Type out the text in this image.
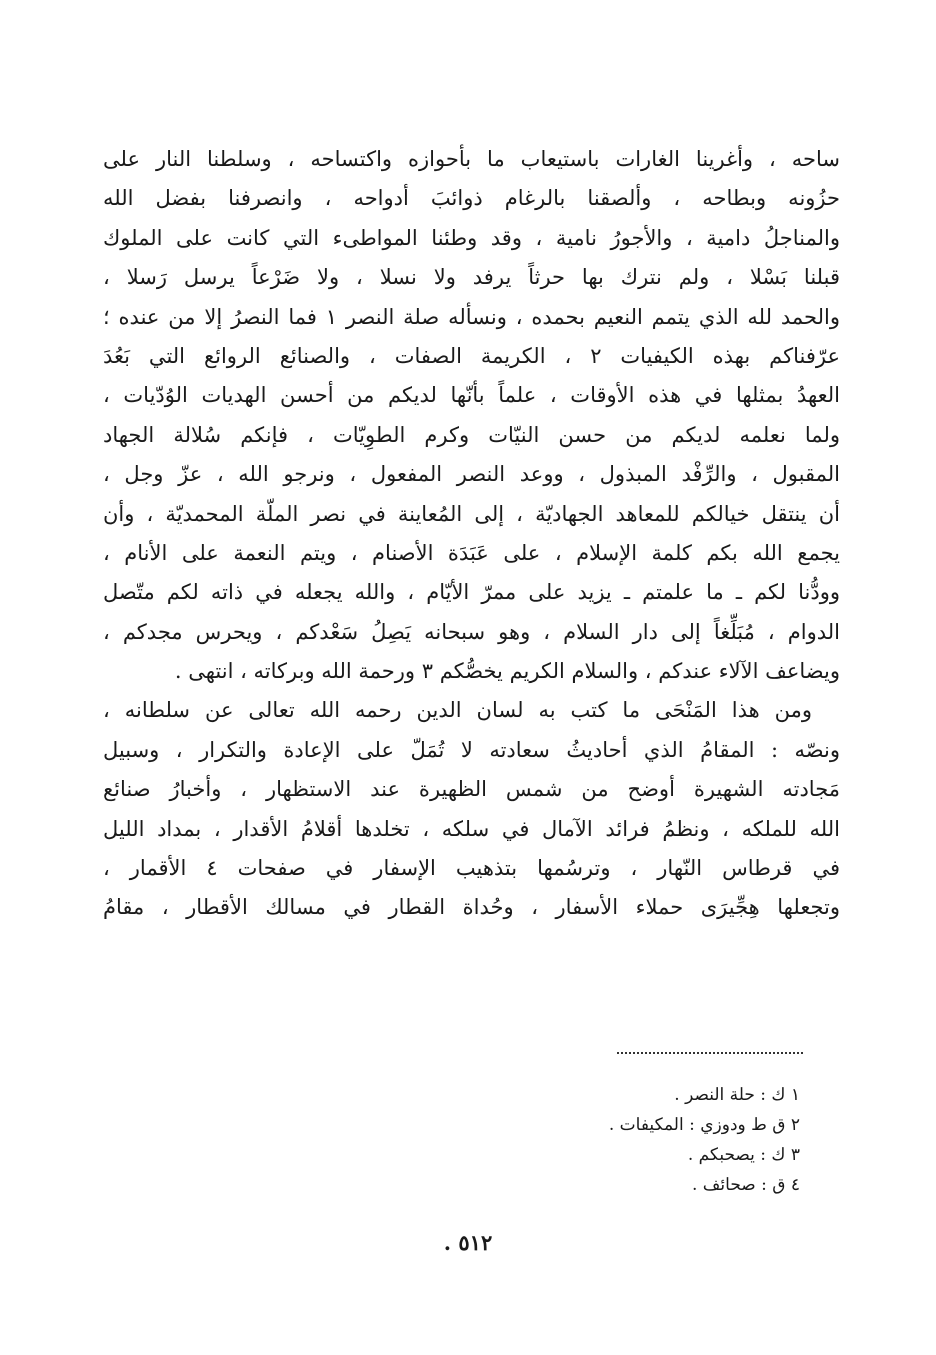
ساحه ، وأغرينا الغارات باستيعاب ما بأحوازه واكتساحه ، وسلطنا النار على
حزُونه وبطاحه ، وألصقنا بالرغام ذوائبَ أدواحه ، وانصرفنا بفضل الله
والمناجلُ دامية ، والأجورُ نامية ، وقد وطئنا المواطىء التي كانت على الملوك
قبلنا بَسْلا ، ولم نترك بها حرثاً يرفد ولا نسلا ، ولا ضَرْعاً يرسل رَسلا ،
والحمد لله الذي يتمم النعيم بحمده ، ونسأله صلة النصر ١ فما النصرُ إلا من عنده ؛
عرّفناكم بهذه الكيفيات ٢ ، الكريمة الصفات ، والصنائع الروائع التي بَعُدَ
العهدُ بمثلها في هذه الأوقات ، علماً بأنّها لديكم من أحسن الهديات الوُدّيات ،
ولما نعلمه لديكم من حسن النيّات وكرم الطوِيّات ، فإنكم سُلالة الجهاد
المقبول ، والرِّفْد المبذول ، ووعد النصر المفعول ، ونرجو الله ، عزّ وجل ،
أن ينتقل خيالكم للمعاهد الجهاديّة ، إلى المُعاينة في نصر الملّة المحمديّة ، وأن
يجمع الله بكم كلمة الإسلام ، على عَبَدَة الأصنام ، ويتم النعمة على الأنام ،
وودُّنا لكم ـ ما علمتم ـ يزيد على ممرّ الأيّام ، والله يجعله في ذاته لكم متّصل
الدوام ، مُبَلِّغاً إلى دار السلام ، وهو سبحانه يَصِلُ سَعْدكم ، ويحرس مجدكم ،
ويضاعف الآلاء عندكم ، والسلام الكريم يخصُّكم ٣ ورحمة الله وبركاته ، انتهى .
ومن هذا المَنْحَى ما كتب به لسان الدين رحمه الله تعالى عن سلطانه ،
ونصّه : المقامُ الذي أحاديثُ سعادته لا تُمَلّ على الإعادة والتكرار ، وسبيل
مَجادته الشهيرة أوضح من شمس الظهيرة عند الاستظهار ، وأخبارُ صنائع
الله للملكه ، ونظمُ فرائد الآمال في سلكه ، تخلدها أقلامُ الأقدار ، بمداد الليل
في قرطاس النّهار ، وترسُمها بتذهيب الإسفار في صفحات ٤ الأقمار ،
وتجعلها هِجِّيرَى حملاء الأسفار ، وحُداة القطار في مسالك الأقطار ، مقامُ
١ ك : حلة النصر .
٢ ق ط ودوزي : المكيفات .
٣ ك : يصحبكم .
٤ ق : صحائف .
٥١٢ .
